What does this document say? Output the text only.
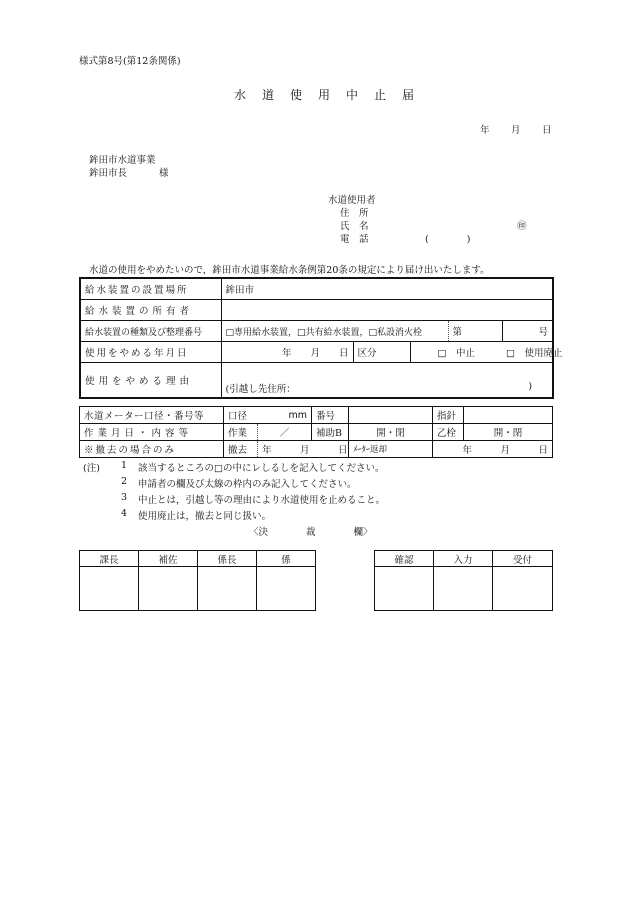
様式第8号(第12条関係)
水道使用中止届
年 月 日
鉾田市水道事業
鉾田市長	様
水道使用者
住　所
氏　名	㊞
電　話	(　　　　)
水道の使用をやめたいので，鉾田市水道事業給水条例第20条の規定により届け出いたします。
給水装置の設置場所	鉾田市				
給水装置の所有者					
給水装置の種類及び整理番号	□専用給水装置，□共有給水装置，□私設消火栓			第	号
使用をやめる年月日	年　　月　　日	区分	□　中止		□　使用廃止
使用をやめる理由	(引越し先住所： )				
水道メーター口径・番号等	口径	mm	番号		指針	
作業月日・内容等	作業	／	補助B	開・閉	乙栓	開・閉
※撤去の場合のみ	撤去	年　　　月　　　日		ﾒｰﾀｰ返却	年　　　月　　　日	
(注) 1 該当するところの□の中にレしるしを記入してください。
2 申請者の欄及び太線の枠内のみ記入してください。
3 中止とは，引越し等の理由により水道使用を止めること。
4 使用廃止は，撤去と同じ扱い。
〈決　　　　裁　　　　欄〉
課長	補佐	係長	係
				確認	入力	受付
